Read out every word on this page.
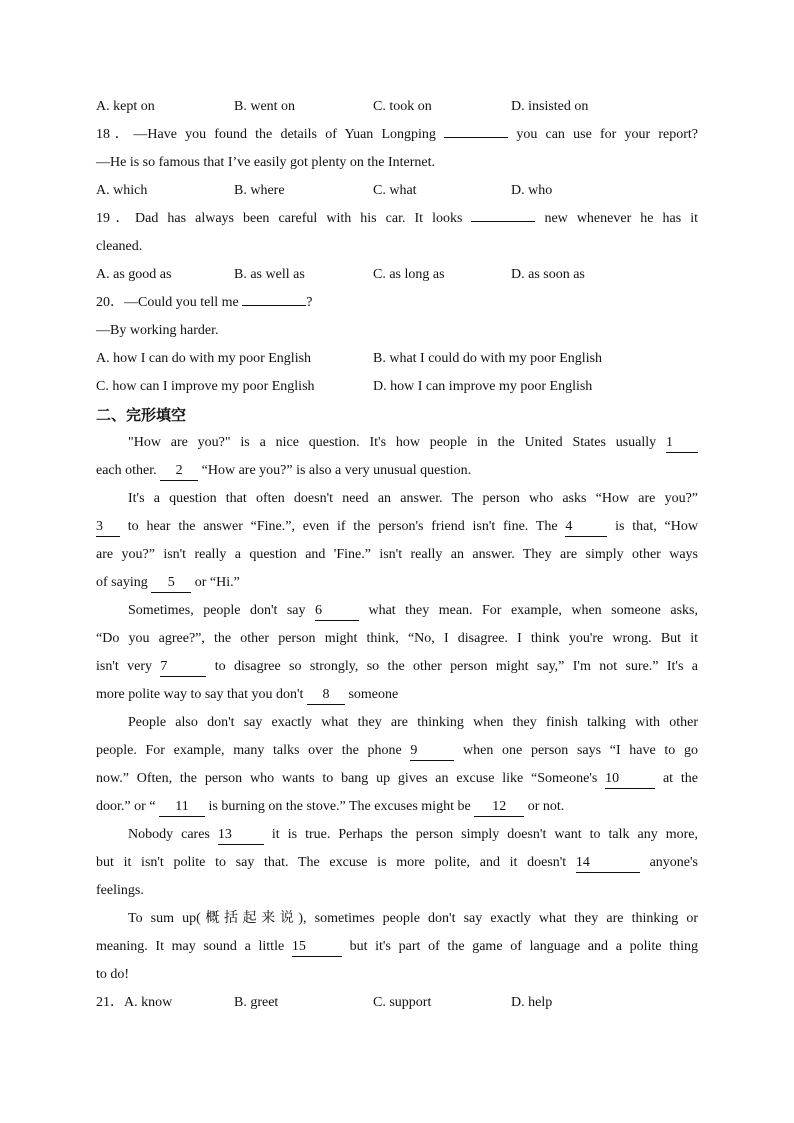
A. kept on	B. went on	C. took on	D. insisted on
18．—Have you found the details of Yuan Longping	you can use for your report?
—He is so famous that I’ve easily got plenty on the Internet.
A. which	B. where	C. what	D. who
19．Dad has always been careful with his car. It looks	new whenever he has it
cleaned.
A. as good as	B. as well as	C. as long as	D. as soon as
20．—Could you tell me	?
—By working harder.
A. how I can do with my poor English	B. what I could do with my poor English
C. how can I improve my poor English	D. how I can improve my poor English
二、完形填空
"How are you?" is a nice question. It's how people in the United States usually 1
each other. 2 “How are you?” is also a very unusual question.
It's a question that often doesn't need an answer. The person who asks “How are you?”
3 to hear the answer “Fine.”, even if the person's friend isn't fine. The 4	is that, “How
are you?” isn't really a question and 'Fine.” isn't really an answer. They are simply other ways
of saying 5 or “Hi.”
Sometimes, people don't say 6	what they mean. For example, when someone asks,
“Do you agree?”, the other person might think, “No, I disagree. I think you're wrong. But it
isn't very 7	to disagree so strongly, so the other person might say,” I'm not sure.” It's a
more polite way to say that you don't 8 someone
People also don't say exactly what they are thinking when they finish talking with other
people. For example, many talks over the phone 9	when one person says “I have to go
now.” Often, the person who wants to bang up gives an excuse like “Someone's 10	at the
door.” or “ 11 is burning on the stove.” The excuses might be 12 or not.
Nobody cares 13 it is true. Perhaps the person simply doesn't want to talk any more,
but it isn't polite to say that. The excuse is more polite, and it doesn't 14	anyone's
feelings.
To sum up(概括起来说), sometimes people don't say exactly what they are thinking or
meaning. It may sound a little 15	but it's part of the game of language and a polite thing
to do!
21．A. know	B. greet	C. support	D. help
